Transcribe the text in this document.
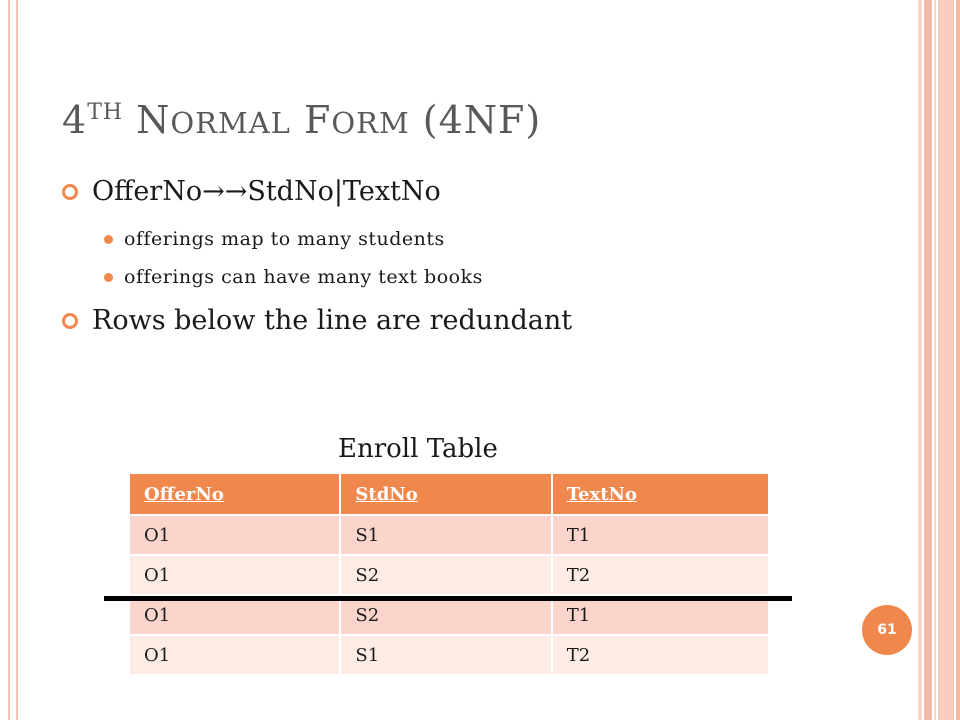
4TH NORMAL FORM (4NF)
OfferNo→→StdNo|TextNo
offerings map to many students
offerings can have many text books
Rows below the line are redundant
Enroll Table
OfferNo	StdNo	TextNo
O1	S1	T1
O1	S2	T2
O1	S2	T1
O1	S1	T2
61
